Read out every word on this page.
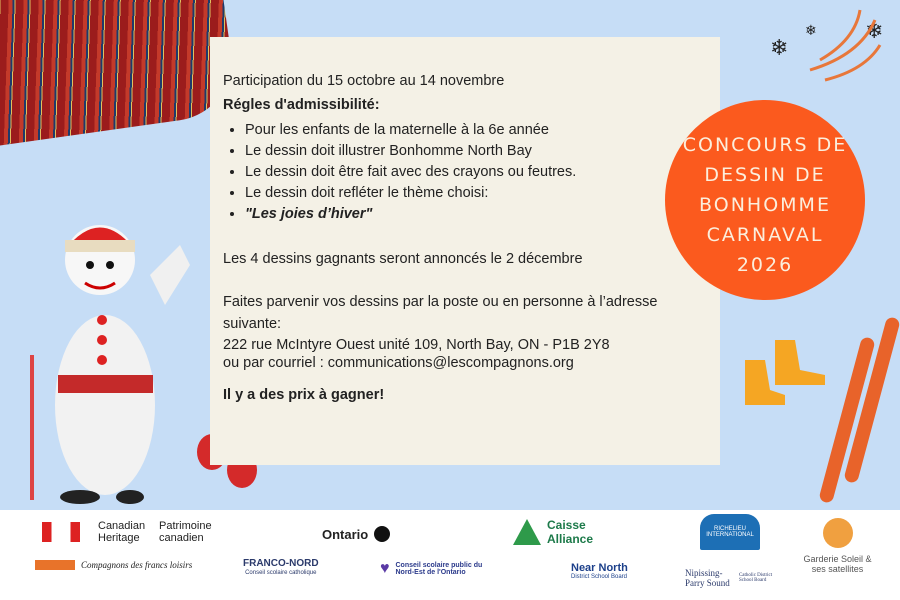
Participation du 15 octobre au 14 novembre

Régles d'admissibilité:

• Pour les enfants de la maternelle à la 6e année
• Le dessin doit illustrer Bonhomme North Bay
• Le dessin doit être fait avec des crayons ou feutres.
• Le dessin doit refléter le thème choisi:
• "Les joies d’hiver"

Les 4 dessins gagnants seront annoncés le 2 décembre

Faites parvenir vos dessins par la poste ou en personne à l’adresse suivante:

222 rue McIntyre Ouest unité 109, North Bay, ON - P1B 2Y8

ou par courriel : communications@lescompagnons.org

Il y a des prix à gagner!

CONCOURS DE
DESSIN DE
BONHOMME
CARNAVAL
2026
❄
❄ ❄
Canadian Heritage
Patrimoine canadien	Ontario
Caisse Alliance
RICHELIEU INTERNATIONAL
Garderie Soleil & ses satellites
Compagnons des francs loisirs	FRANCO-NORD
Conseil scolaire catholique	♥ Conseil scolaire public du Nord-Est de l'Ontario	Near North
District School Board	Nipissing-Parry Sound
Catholic District School Board
